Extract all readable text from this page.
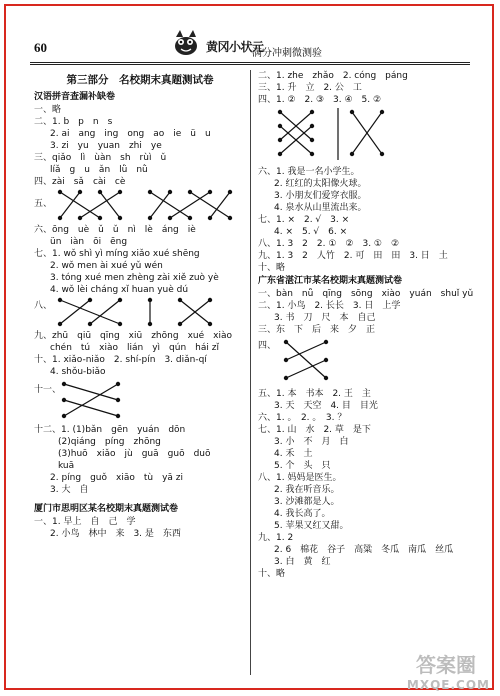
60	黄冈小状元
满分冲刺微测验
第三部分　名校期末真题测试卷
汉语拼音查漏补缺卷
一、略
二、1. b　p　n　s
2. ai　ang　ing　ong　ao　ie　ü　u
3. zi　yu　yuan　zhi　ye
三、qiǎo　lì　ùàn　sh　rùì　ǔ
líǎ　g　u　ǎn　lǜ　nǜ
四、zài　sǎ　cài　cè
五、
六、ōng　uè　ǔ　ǔ　nì　lè　áng　iè
ün　iàn　ōi　ēng
七、1. wǒ shì yì míng xiǎo xué shēng
2. wǒ men ài xué yǔ wén
3. tóng xué men zhèng zài xiě zuò yè
4. wǒ lèi cháng xǐ huan yuè dú
八、
九、zhū　qiū　qīng　xiū　zhōng　xué　xiào
chén　tú　xiào　lián　yì　qún　hái zǐ
十、1. xiǎo-niǎo　2. shí-pín　3. diǎn-qí
4. shǒu-biǎo
十一、
十二、1. (1)bǎn　gēn　yuán　dōn
(2)qiáng　píng　zhōng
(3)huō　xiǎo　jù　guā　guō　duō
kuā
2. píng　guǒ　xiāo　tù　yā zi
3. 大　自
厦门市思明区某名校期末真题测试卷
一、1. 早上　自　己　学
2. 小鸟　林中　来　3. 是　东西
二、1. zhe　zhǎo　2. cóng　páng
三、1. 升　立　2. 公　工
四、1. ②　2. ③　3. ④　5. ②
六、1. 我是一名小学生。
2. 红红的太阳像火球。
3. 小朋友们爱穿衣服。
4. 泉水从山里流出来。
七、1. ×　2. √　3. ×
4. ×　5. √　6. ×
八、1. 3　2　2. ①　②　3. ①　②
九、1. 3　2　人竹　2. 可　田　田　3. 日　土
十、略
广东省湛江市某名校期末真题测试卷
一、bàn　nǚ　qīng　sōng　xiào　yuán　shuǐ yǔ
二、1. 小鸟　2. 长长　3. 日　上学
3. 书　刀　尺　本　自己
三、东　下　后　来　夕　正
四、
五、1. 本　书本　2. 王　主
3. 天　天空　4. 目　目光
六、1. 。　2. 。　3. ？
七、1. 山　水　2. 草　是下
3. 小　不　月　白
4. 禾　土
5. 个　头　只
八、1. 妈妈是医生。
2. 我在听音乐。
3. 沙滩都是人。
4. 我长高了。
5. 苹果又红又甜。
九、1. 2
2. 6　棉花　谷子　高粱　冬瓜　南瓜　丝瓜
3. 白　黄　红
十、略
答案圈
MXQE.COM
